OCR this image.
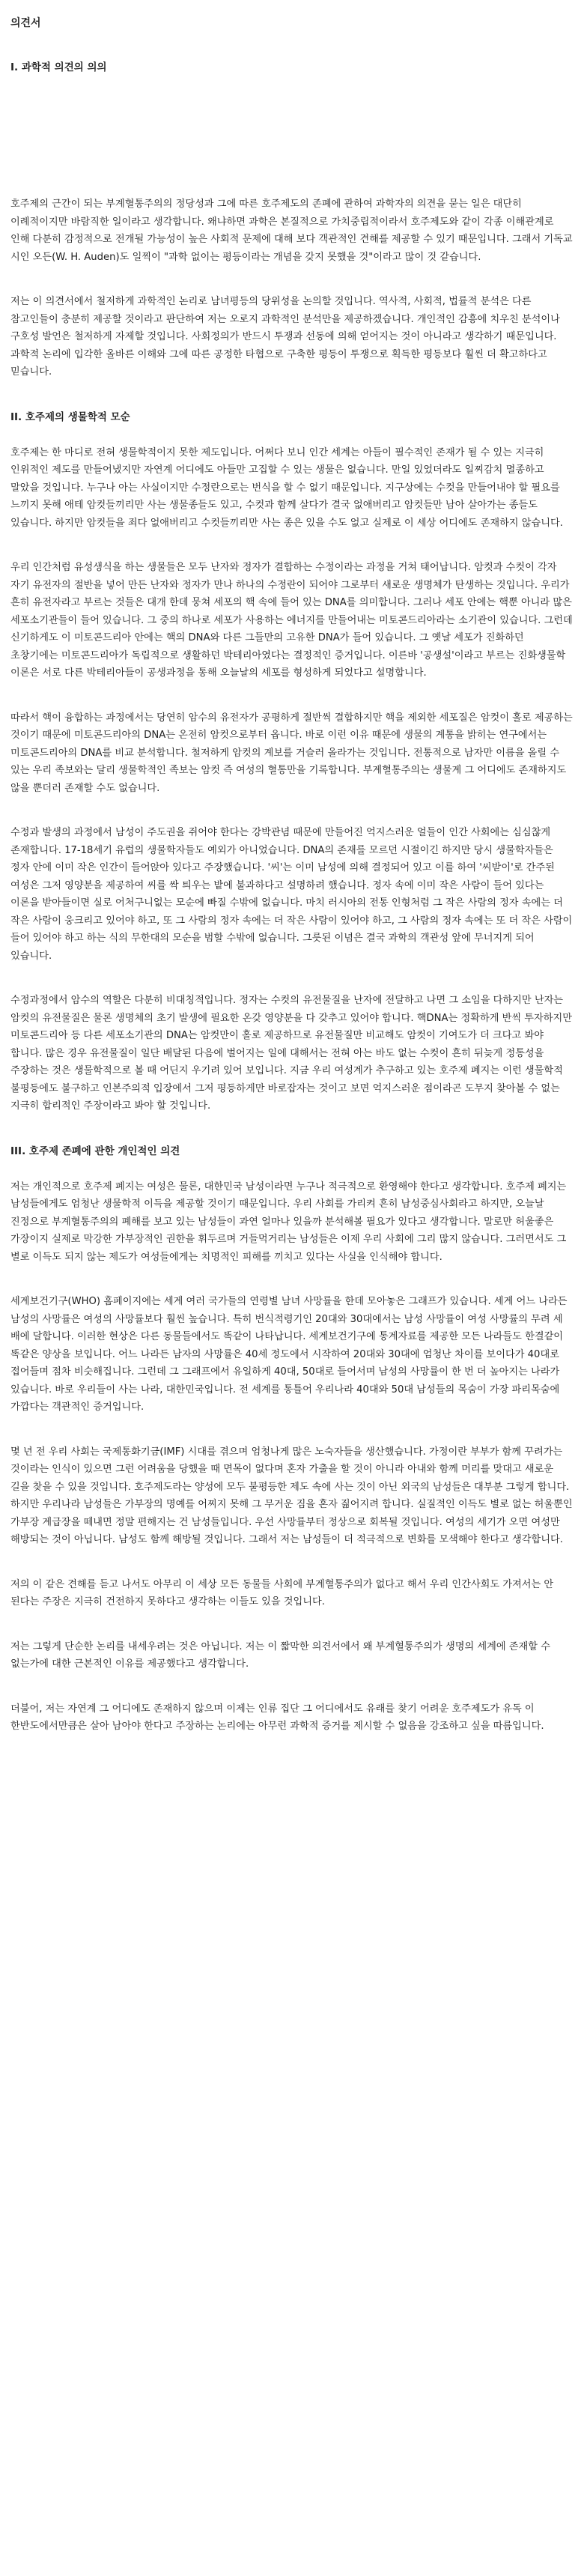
의견서
I. 과학적 의견의 의의

호주제의 근간이 되는 부계혈통주의의 정당성과 그에 따른 호주제도의 존폐에 관하여 과학자의 의견을 묻는 일은 대단히 이례적이지만 바람직한 일이라고 생각합니다. 왜냐하면 과학은 본질적으로 가치중립적이라서 호주제도와 같이 각종 이해관계로 인해 다분히 감정적으로 전개될 가능성이 높은 사회적 문제에 대해 보다 객관적인 견해를 제공할 수 있기 때문입니다. 그래서 기독교 시인 오든(W. H. Auden)도 일찍이 "과학 없이는 평등이라는 개념을 갖지 못했을 것"이라고 많이 것 같습니다.

저는 이 의견서에서 철저하게 과학적인 논리로 남녀평등의 당위성을 논의할 것입니다. 역사적, 사회적, 법률적 분석은 다른 참고인들이 충분히 제공할 것이라고 판단하여 저는 오로지 과학적인 분석만을 제공하겠습니다. 개인적인 감흥에 치우친 분석이나 구호성 발언은 철저하게 자제할 것입니다. 사회정의가 반드시 투쟁과 선동에 의해 얻어지는 것이 아니라고 생각하기 때문입니다. 과학적 논리에 입각한 올바른 이해와 그에 따른 공정한 타협으로 구축한 평등이 투쟁으로 획득한 평등보다 훨씬 더 확고하다고 믿습니다.

II. 호주제의 생물학적 모순

호주제는 한 마디로 전혀 생물학적이지 못한 제도입니다. 어쩌다 보니 인간 세계는 아들이 필수적인 존재가 될 수 있는 지극히 인위적인 제도를 만들어냈지만 자연계 어디에도 아들만 고집할 수 있는 생물은 없습니다. 만일 있었더라도 일찌감치 멸종하고 말았을 것입니다. 누구나 아는 사실이지만 수정란으로는 번식을 할 수 없기 때문입니다. 지구상에는 수컷을 만들어내야 할 필요를 느끼지 못해 애테 암컷들끼리만 사는 생물종들도 있고, 수컷과 함께 살다가 결국 없애버리고 암컷들만 남아 살아가는 종들도 있습니다. 하지만 암컷들을 죄다 없애버리고 수컷들끼리만 사는 종은 있을 수도 없고 실제로 이 세상 어디에도 존재하지 않습니다.

우리 인간처럼 유성생식을 하는 생물들은 모두 난자와 정자가 결합하는 수정이라는 과정을 거쳐 태어납니다. 암컷과 수컷이 각자 자기 유전자의 절반을 넣어 만든 난자와 정자가 만나 하나의 수정란이 되어야 그로부터 새로운 생명체가 탄생하는 것입니다. 우리가 흔히 유전자라고 부르는 것들은 대개 한데 뭉쳐 세포의 핵 속에 들어 있는 DNA를 의미합니다. 그러나 세포 안에는 핵뿐 아니라 많은 세포소기관들이 들어 있습니다. 그 중의 하나로 세포가 사용하는 에너지를 만들어내는 미토콘드리아라는 소기관이 있습니다. 그런데 신기하게도 이 미토콘드리아 안에는 핵의 DNA와 다른 그들만의 고유한 DNA가 들어 있습니다. 그 옛날 세포가 진화하던 초창기에는 미토콘드리아가 독립적으로 생활하던 박테리아였다는 결정적인 증거입니다. 이른바 '공생설'이라고 부르는 진화생물학 이론은 서로 다른 박테리아들이 공생과정을 통해 오늘날의 세포를 형성하게 되었다고 설명합니다.

따라서 핵이 융합하는 과정에서는 당연히 암수의 유전자가 공평하게 절반씩 결합하지만 핵을 제외한 세포질은 암컷이 홀로 제공하는 것이기 때문에 미토콘드리아의 DNA는 온전히 암컷으로부터 옵니다. 바로 이런 이유 때문에 생물의 계통을 밝히는 연구에서는 미토콘드리아의 DNA를 비교 분석합니다. 철저하게 암컷의 계보를 거슬러 올라가는 것입니다. 전통적으로 남자만 이름을 올릴 수 있는 우리 족보와는 달리 생물학적인 족보는 암컷 즉 여성의 혈통만을 기록합니다. 부계혈통주의는 생물계 그 어디에도 존재하지도 않을 뿐더러 존재할 수도 없습니다.

수정과 발생의 과정에서 남성이 주도권을 쥐어야 한다는 강박관념 때문에 만들어진 억지스러운 얼들이 인간 사회에는 심심찮게 존재합니다. 17-18세기 유럽의 생물학자들도 예외가 아니었습니다. DNA의 존재를 모르던 시절이긴 하지만 당시 생물학자들은 정자 안에 이미 작은 인간이 들어앉아 있다고 주장했습니다. '씨'는 이미 남성에 의해 결정되어 있고 이를 하여 '씨받이'로 간주된 여성은 그저 영양분을 제공하여 씨를 싹 틔우는 밭에 불과하다고 설명하려 했습니다. 정자 속에 이미 작은 사람이 들어 있다는 이론을 받아들이면 실로 어처구니없는 모순에 빠질 수밖에 없습니다. 마치 러시아의 전통 인형처럼 그 작은 사람의 정자 속에는 더 작은 사람이 웅크리고 있어야 하고, 또 그 사람의 정자 속에는 더 작은 사람이 있어야 하고, 그 사람의 정자 속에는 또 더 작은 사람이 들어 있어야 하고 하는 식의 무한대의 모순을 범할 수밖에 없습니다. 그릇된 이념은 결국 과학의 객관성 앞에 무너지게 되어 있습니다.

수정과정에서 암수의 역할은 다분히 비대칭적입니다. 정자는 수컷의 유전물질을 난자에 전달하고 나면 그 소임을 다하지만 난자는 암컷의 유전물질은 물론 생명체의 초기 발생에 필요한 온갖 영양분을 다 갖추고 있어야 합니다. 핵DNA는 정확하게 반씩 투자하지만 미토콘드리아 등 다른 세포소기관의 DNA는 암컷만이 홀로 제공하므로 유전물질만 비교해도 암컷이 기여도가 더 크다고 봐야 합니다. 많은 경우 유전물질이 일단 배달된 다음에 벌어지는 일에 대해서는 전혀 아는 바도 없는 수컷이 흔히 뒤늦게 정통성을 주장하는 것은 생물학적으로 볼 때 어딘지 우기려 있어 보입니다. 지금 우리 여성계가 추구하고 있는 호주제 폐지는 이런 생물학적 불평등에도 불구하고 인본주의적 입장에서 그저 평등하게만 바로잡자는 것이고 보면 억지스러운 점이라곤 도무지 찾아볼 수 없는 지극히 합리적인 주장이라고 봐야 할 것입니다.

III. 호주제 존폐에 관한 개인적인 의견

저는 개인적으로 호주제 폐지는 여성은 물론, 대한민국 남성이라면 누구나 적극적으로 환영해야 한다고 생각합니다. 호주제 폐지는 남성들에게도 엄청난 생물학적 이득을 제공할 것이기 때문입니다. 우리 사회를 가리켜 흔히 남성중심사회라고 하지만, 오늘날 진정으로 부계혈통주의의 폐해를 보고 있는 남성들이 과연 얼마나 있을까 분석해볼 필요가 있다고 생각합니다. 말로만 허울좋은 가장이지 실제로 막강한 가부장적인 권한을 휘두르며 거들먹거리는 남성들은 이제 우리 사회에 그리 많지 않습니다. 그러면서도 그 별로 이득도 되지 않는 제도가 여성들에게는 치명적인 피해를 끼치고 있다는 사실을 인식해야 합니다.

세계보건기구(WHO) 홈페이지에는 세계 여러 국가들의 연령별 남녀 사망률을 한데 모아놓은 그래프가 있습니다. 세계 어느 나라든 남성의 사망률은 여성의 사망률보다 훨씬 높습니다. 특히 번식적령기인 20대와 30대에서는 남성 사망률이 여성 사망률의 무려 세 배에 달합니다. 이러한 현상은 다른 동물들에서도 똑같이 나타납니다. 세계보건기구에 통계자료를 제공한 모든 나라들도 한결같이 똑같은 양상을 보입니다. 어느 나라든 남자의 사망률은 40세 정도에서 시작하여 20대와 30대에 엄청난 차이를 보이다가 40대로 접어들며 점차 비슷해집니다. 그런데 그 그래프에서 유일하게 40대, 50대로 들어서며 남성의 사망률이 한 번 더 높아지는 나라가 있습니다. 바로 우리들이 사는 나라, 대한민국입니다. 전 세계를 통틀어 우리나라 40대와 50대 남성들의 목숨이 가장 파리목숨에 가깝다는 객관적인 증거입니다.

몇 년 전 우리 사회는 국제통화기금(IMF) 시대를 겪으며 엄청나게 많은 노숙자들을 생산했습니다. 가정이란 부부가 함께 꾸려가는 것이라는 인식이 있으면 그런 어려움을 당했을 때 면목이 없다며 혼자 가출을 할 것이 아니라 아내와 함께 머리를 맞대고 새로운 길을 찾을 수 있을 것입니다. 호주제도라는 양성에 모두 불평등한 제도 속에 사는 것이 아닌 외국의 남성들은 대부분 그렇게 합니다. 하지만 우리나라 남성들은 가부장의 명예를 어찌지 못해 그 무거운 짐을 혼자 짊어지려 합니다. 실질적인 이득도 별로 없는 허울뿐인 가부장 계급장을 떼내면 정말 편해지는 건 남성들입니다. 우선 사망률부터 정상으로 회복될 것입니다. 여성의 세기가 오면 여성만 해방되는 것이 아닙니다. 남성도 함께 해방될 것입니다. 그래서 저는 남성들이 더 적극적으로 변화를 모색해야 한다고 생각합니다.

저의 이 같은 견해를 듣고 나서도 아무리 이 세상 모든 동물들 사회에 부계혈통주의가 없다고 해서 우리 인간사회도 가져서는 안 된다는 주장은 지극히 건전하지 못하다고 생각하는 이들도 있을 것입니다.

저는 그렇게 단순한 논리를 내세우려는 것은 아닙니다. 저는 이 짧막한 의견서에서 왜 부계혈통주의가 생명의 세계에 존재할 수 없는가에 대한 근본적인 이유를 제공했다고 생각합니다.

더불어, 저는 자연계 그 어디에도 존재하지 않으며 이제는 인류 집단 그 어디에서도 유래를 찾기 어려운 호주제도가 유독 이 한반도에서만큼은 살아 남아야 한다고 주장하는 논리에는 아무런 과학적 증거를 제시할 수 없음을 강조하고 싶을 따름입니다.
